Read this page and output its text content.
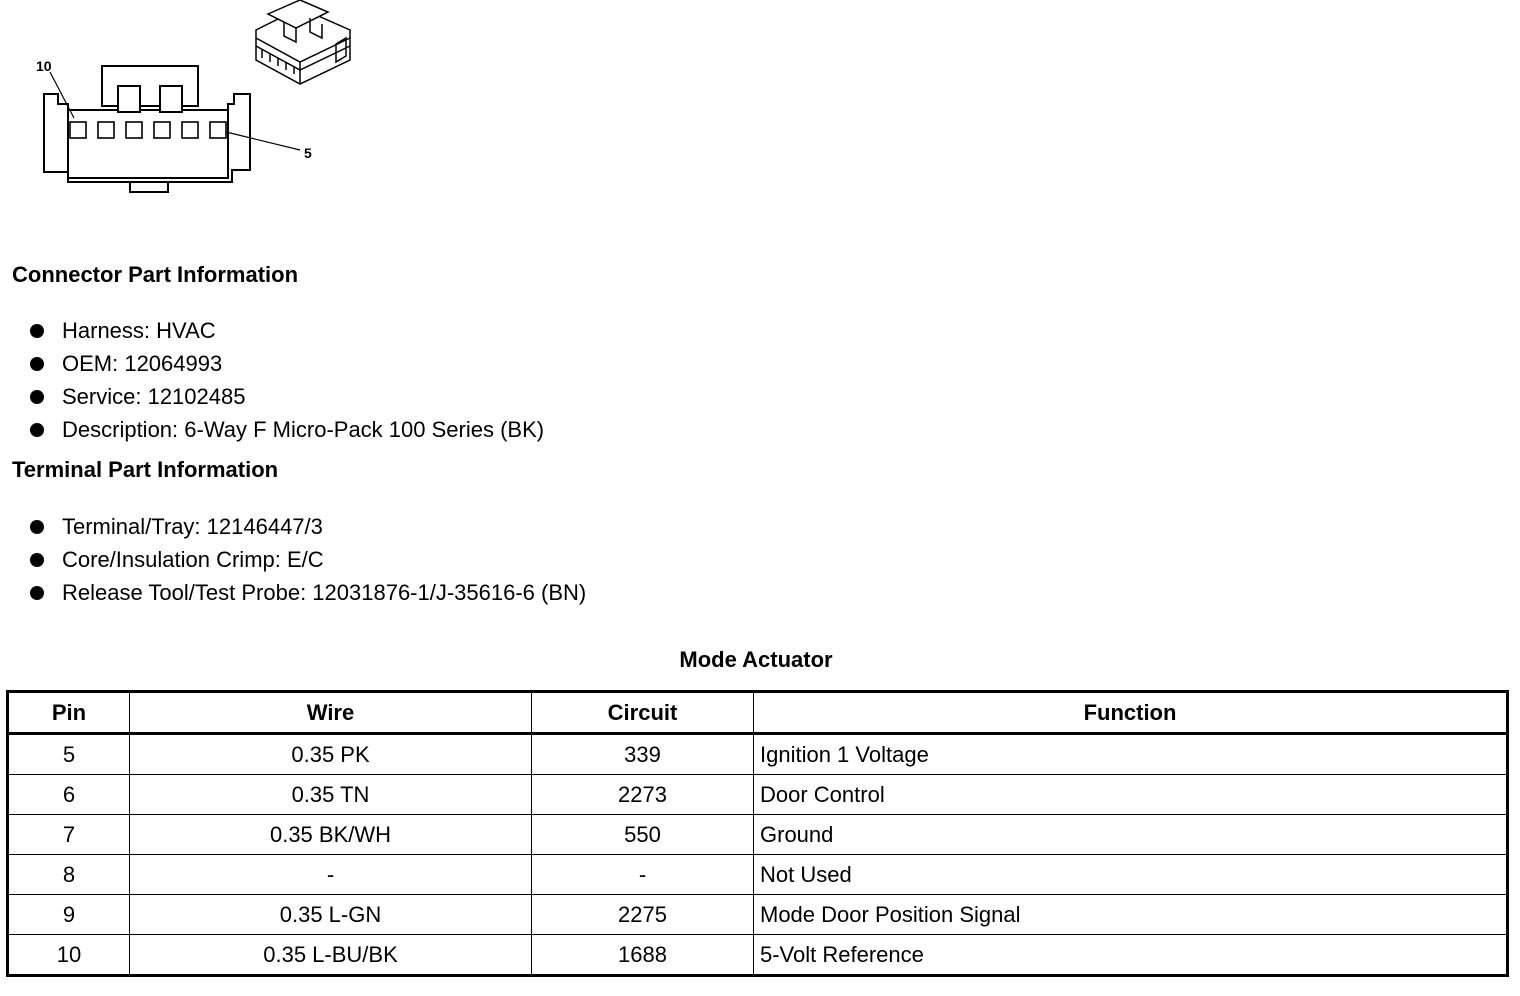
10
5
Connector Part Information
Harness: HVAC
OEM: 12064993
Service: 12102485
Description: 6-Way F Micro-Pack 100 Series (BK)
Terminal Part Information
Terminal/Tray: 12146447/3
Core/Insulation Crimp: E/C
Release Tool/Test Probe: 12031876-1/J-35616-6 (BN)
Mode Actuator
Pin	Wire	Circuit	Function
5	0.35 PK	339	Ignition 1 Voltage
6	0.35 TN	2273	Door Control
7	0.35 BK/WH	550	Ground
8	-	-	Not Used
9	0.35 L-GN	2275	Mode Door Position Signal
10	0.35 L-BU/BK	1688	5-Volt Reference
